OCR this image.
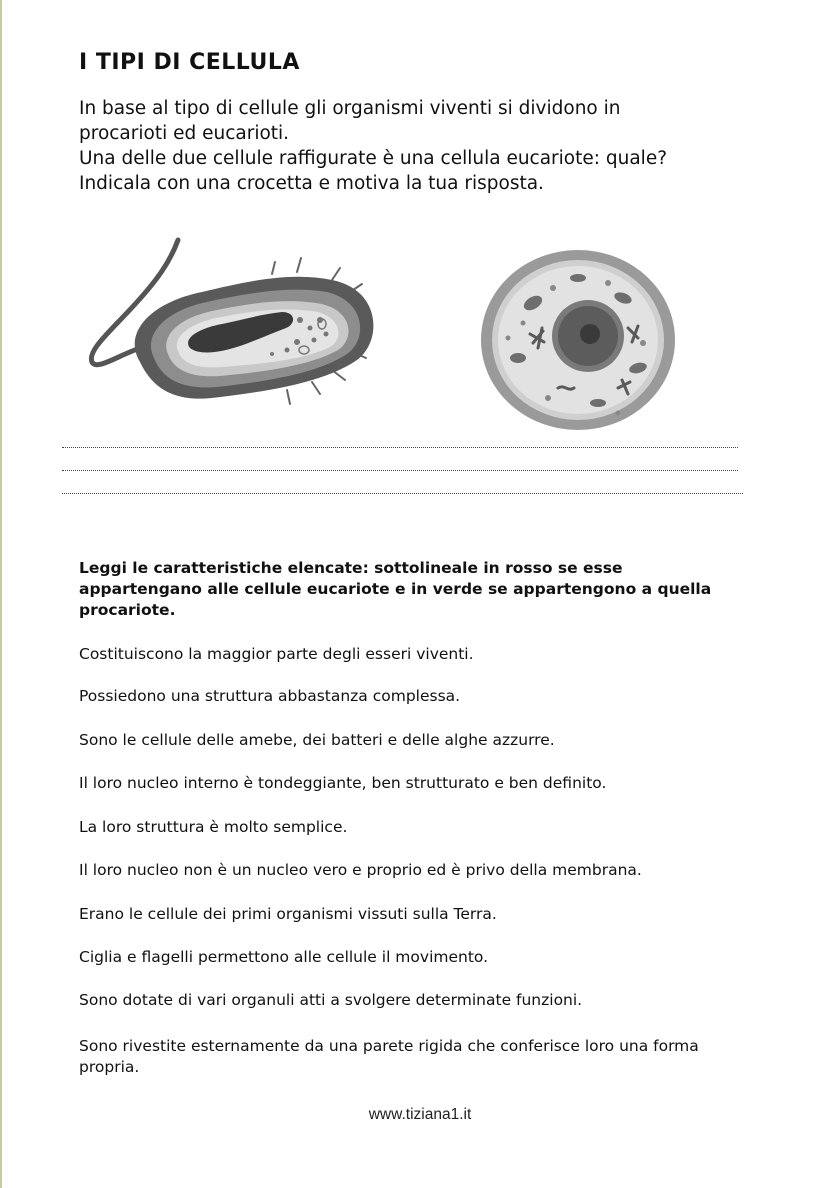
I TIPI DI CELLULA

In base al tipo di cellule gli organismi viventi si dividono in
procarioti ed eucarioti.
Una delle due cellule raffigurate è una cellula eucariote: quale?
Indicala con una crocetta e motiva la tua risposta.

Leggi le caratteristiche elencate: sottolineale in rosso se esse appartengano alle cellule eucariote e in verde se appartengono a quella procariote.

Costituiscono la maggior parte degli esseri viventi.
Possiedono una struttura abbastanza complessa.
Sono le cellule delle amebe, dei batteri e delle alghe azzurre.
Il loro nucleo interno è tondeggiante, ben strutturato e ben definito.
La loro struttura è molto semplice.
Il loro nucleo non è un nucleo vero e proprio ed è privo della membrana.
Erano le cellule dei primi organismi vissuti sulla Terra.
Ciglia e flagelli permettono alle cellule il movimento.
Sono dotate di vari organuli atti a svolgere determinate funzioni.
Sono rivestite esternamente da una parete rigida che conferisce loro una forma propria.
www.tiziana1.it
